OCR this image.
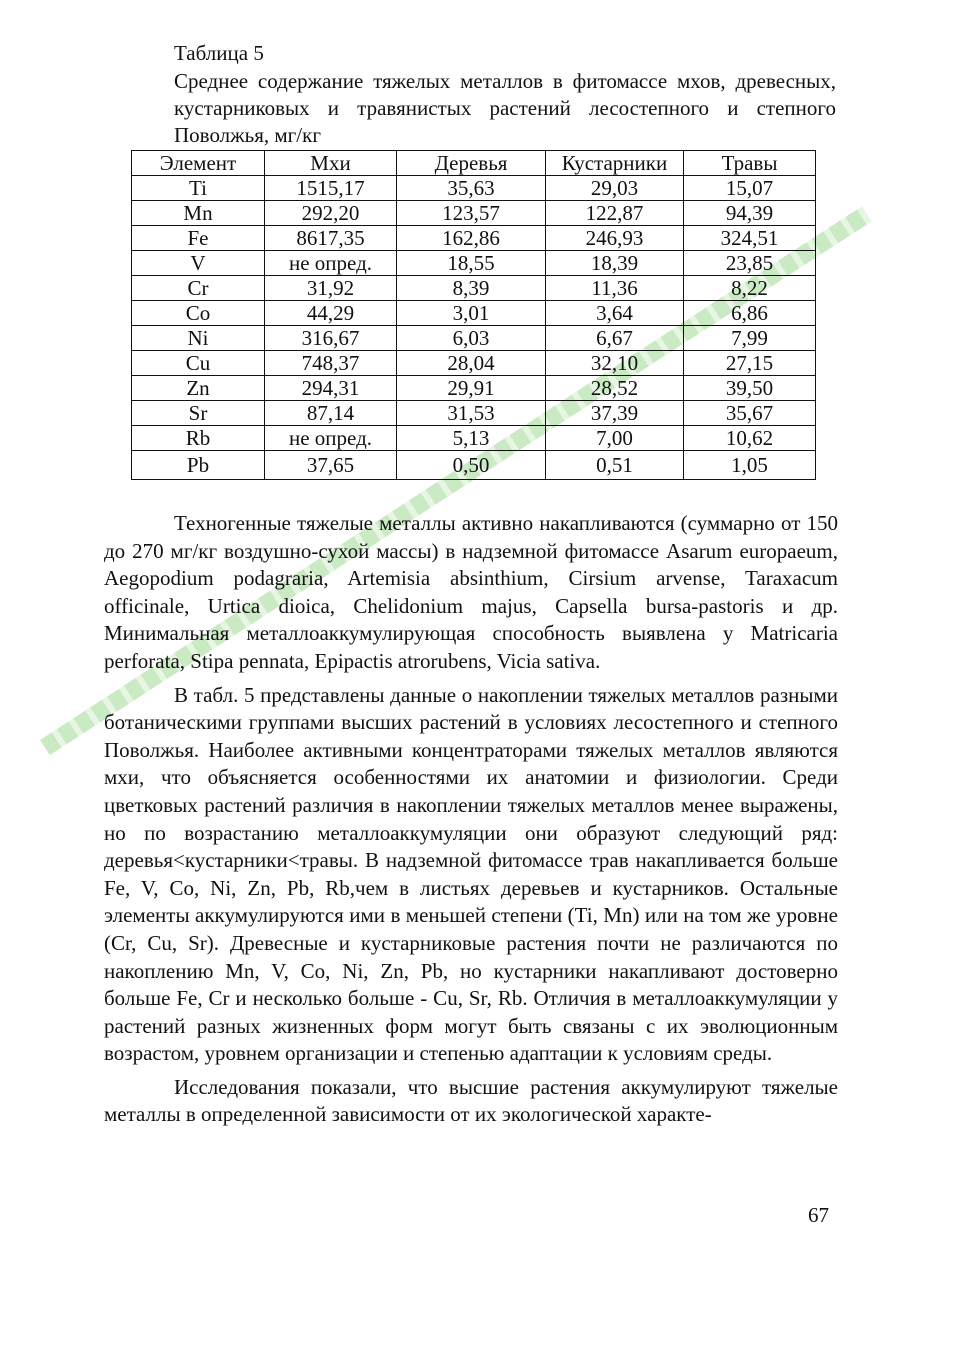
Таблица 5
Среднее содержание тяжелых металлов в фитомассе мхов, древесных, кустарниковых и травянистых растений лесостепного и степного Поволжья, мг/кг
Элемент	Мхи	Деревья	Кустарники	Травы
Ti	1515,17	35,63	29,03	15,07
Mn	292,20	123,57	122,87	94,39
Fe	8617,35	162,86	246,93	324,51
V	не опред.	18,55	18,39	23,85
Cr	31,92	8,39	11,36	8,22
Co	44,29	3,01	3,64	6,86
Ni	316,67	6,03	6,67	7,99
Cu	748,37	28,04	32,10	27,15
Zn	294,31	29,91	28,52	39,50
Sr	87,14	31,53	37,39	35,67
Rb	не опред.	5,13	7,00	10,62
Pb	37,65	0,50	0,51	1,05

Техногенные тяжелые металлы активно накапливаются (суммарно от 150 до 270 мг/кг воздушно-сухой массы) в надземной фитомассе Asarum europaeum, Aegopodium podagraria, Artemisia absinthium, Cirsium arvense, Taraxacum officinale, Urtica dioica, Chelidonium majus, Capsella bursa-pastoris и др. Минимальная металлоаккумулирующая способность выявлена у Matricaria perforata, Stipa pennata, Epipactis atrorubens, Vicia sativa.

В табл. 5 представлены данные о накоплении тяжелых металлов разными ботаническими группами высших растений в условиях лесостепного и степного Поволжья. Наиболее активными концентраторами тяжелых металлов являются мхи, что объясняется особенностями их анатомии и физиологии. Среди цветковых растений различия в накоплении тяжелых металлов менее выражены, но по возрастанию металлоаккумуляции они образуют следующий ряд: деревья<кустарники<травы. В надземной фитомассе трав накапливается больше Fe, V, Co, Ni, Zn, Pb, Rb,чем в листьях деревьев и кустарников. Остальные элементы аккумулируются ими в меньшей степени (Ti, Mn) или на том же уровне (Cr, Cu, Sr). Древесные и кустарниковые растения почти не различаются по накоплению Mn, V, Co, Ni, Zn, Pb, но кустарники накапливают достоверно больше Fe, Cr и несколько больше - Cu, Sr, Rb. Отличия в металлоаккумуляции у растений разных жизненных форм могут быть связаны с их эволюционным возрастом, уровнем организации и степенью адаптации к условиям среды.

Исследования показали, что высшие растения аккумулируют тяжелые металлы в определенной зависимости от их экологической характе-

67
